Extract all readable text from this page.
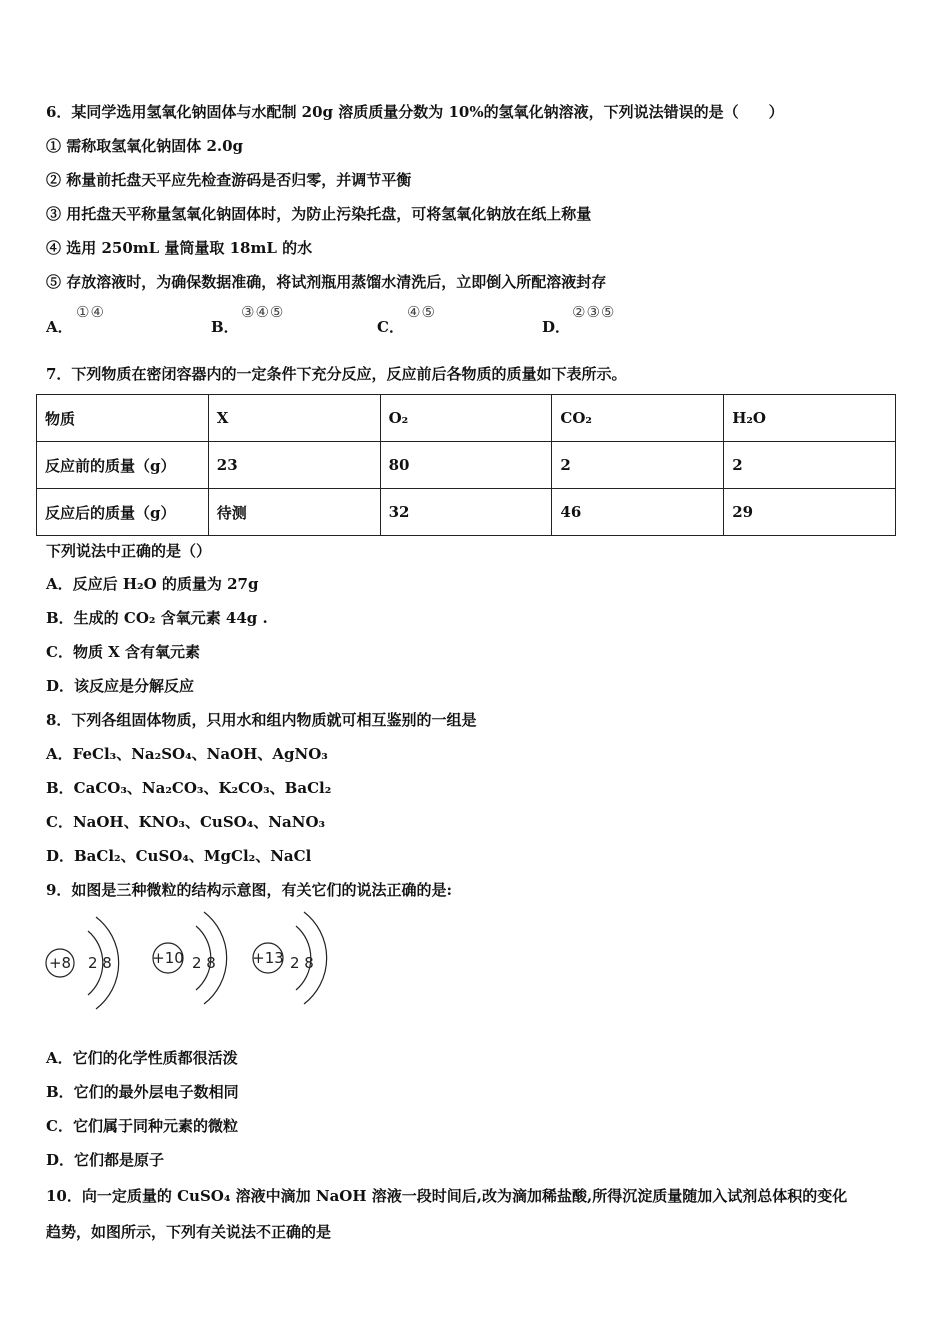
6．某同学选用氢氧化钠固体与水配制 20g 溶质质量分数为 10%的氢氧化钠溶液，下列说法错误的是（　　）
① 需称取氢氧化钠固体 2.0g
② 称量前托盘天平应先检查游码是否归零，并调节平衡
③ 用托盘天平称量氢氧化钠固体时，为防止污染托盘，可将氢氧化钠放在纸上称量
④ 选用 250mL 量筒量取 18mL 的水
⑤ 存放溶液时，为确保数据准确，将试剂瓶用蒸馏水清洗后，立即倒入所配溶液封存
A．
①④
B．
③④⑤
C．
④⑤
D．
②③⑤
7．下列物质在密闭容器内的一定条件下充分反应，反应前后各物质的质量如下表所示。
物质	X	O₂	CO₂	H₂O
反应前的质量（g）	23	80	2	2
反应后的质量（g）	待测	32	46	29
下列说法中正确的是（）
A．反应后 H₂O 的质量为 27g
B．生成的 CO₂ 含氧元素 44g .
C．物质 X 含有氧元素
D．该反应是分解反应
8．下列各组固体物质，只用水和组内物质就可相互鉴别的一组是
A．FeCl₃、Na₂SO₄、NaOH、AgNO₃
B．CaCO₃、Na₂CO₃、K₂CO₃、BaCl₂
C．NaOH、KNO₃、CuSO₄、NaNO₃
D．BaCl₂、CuSO₄、MgCl₂、NaCl
9．如图是三种微粒的结构示意图，有关它们的说法正确的是:
+8 2 8	+10 2 8 +13 2 8
A．它们的化学性质都很活泼
B．它们的最外层电子数相同
C．它们属于同种元素的微粒
D．它们都是原子
10．向一定质量的 CuSO₄ 溶液中滴加 NaOH 溶液一段时间后,改为滴加稀盐酸,所得沉淀质量随加入试剂总体积的变化
趋势，如图所示，下列有关说法不正确的是
